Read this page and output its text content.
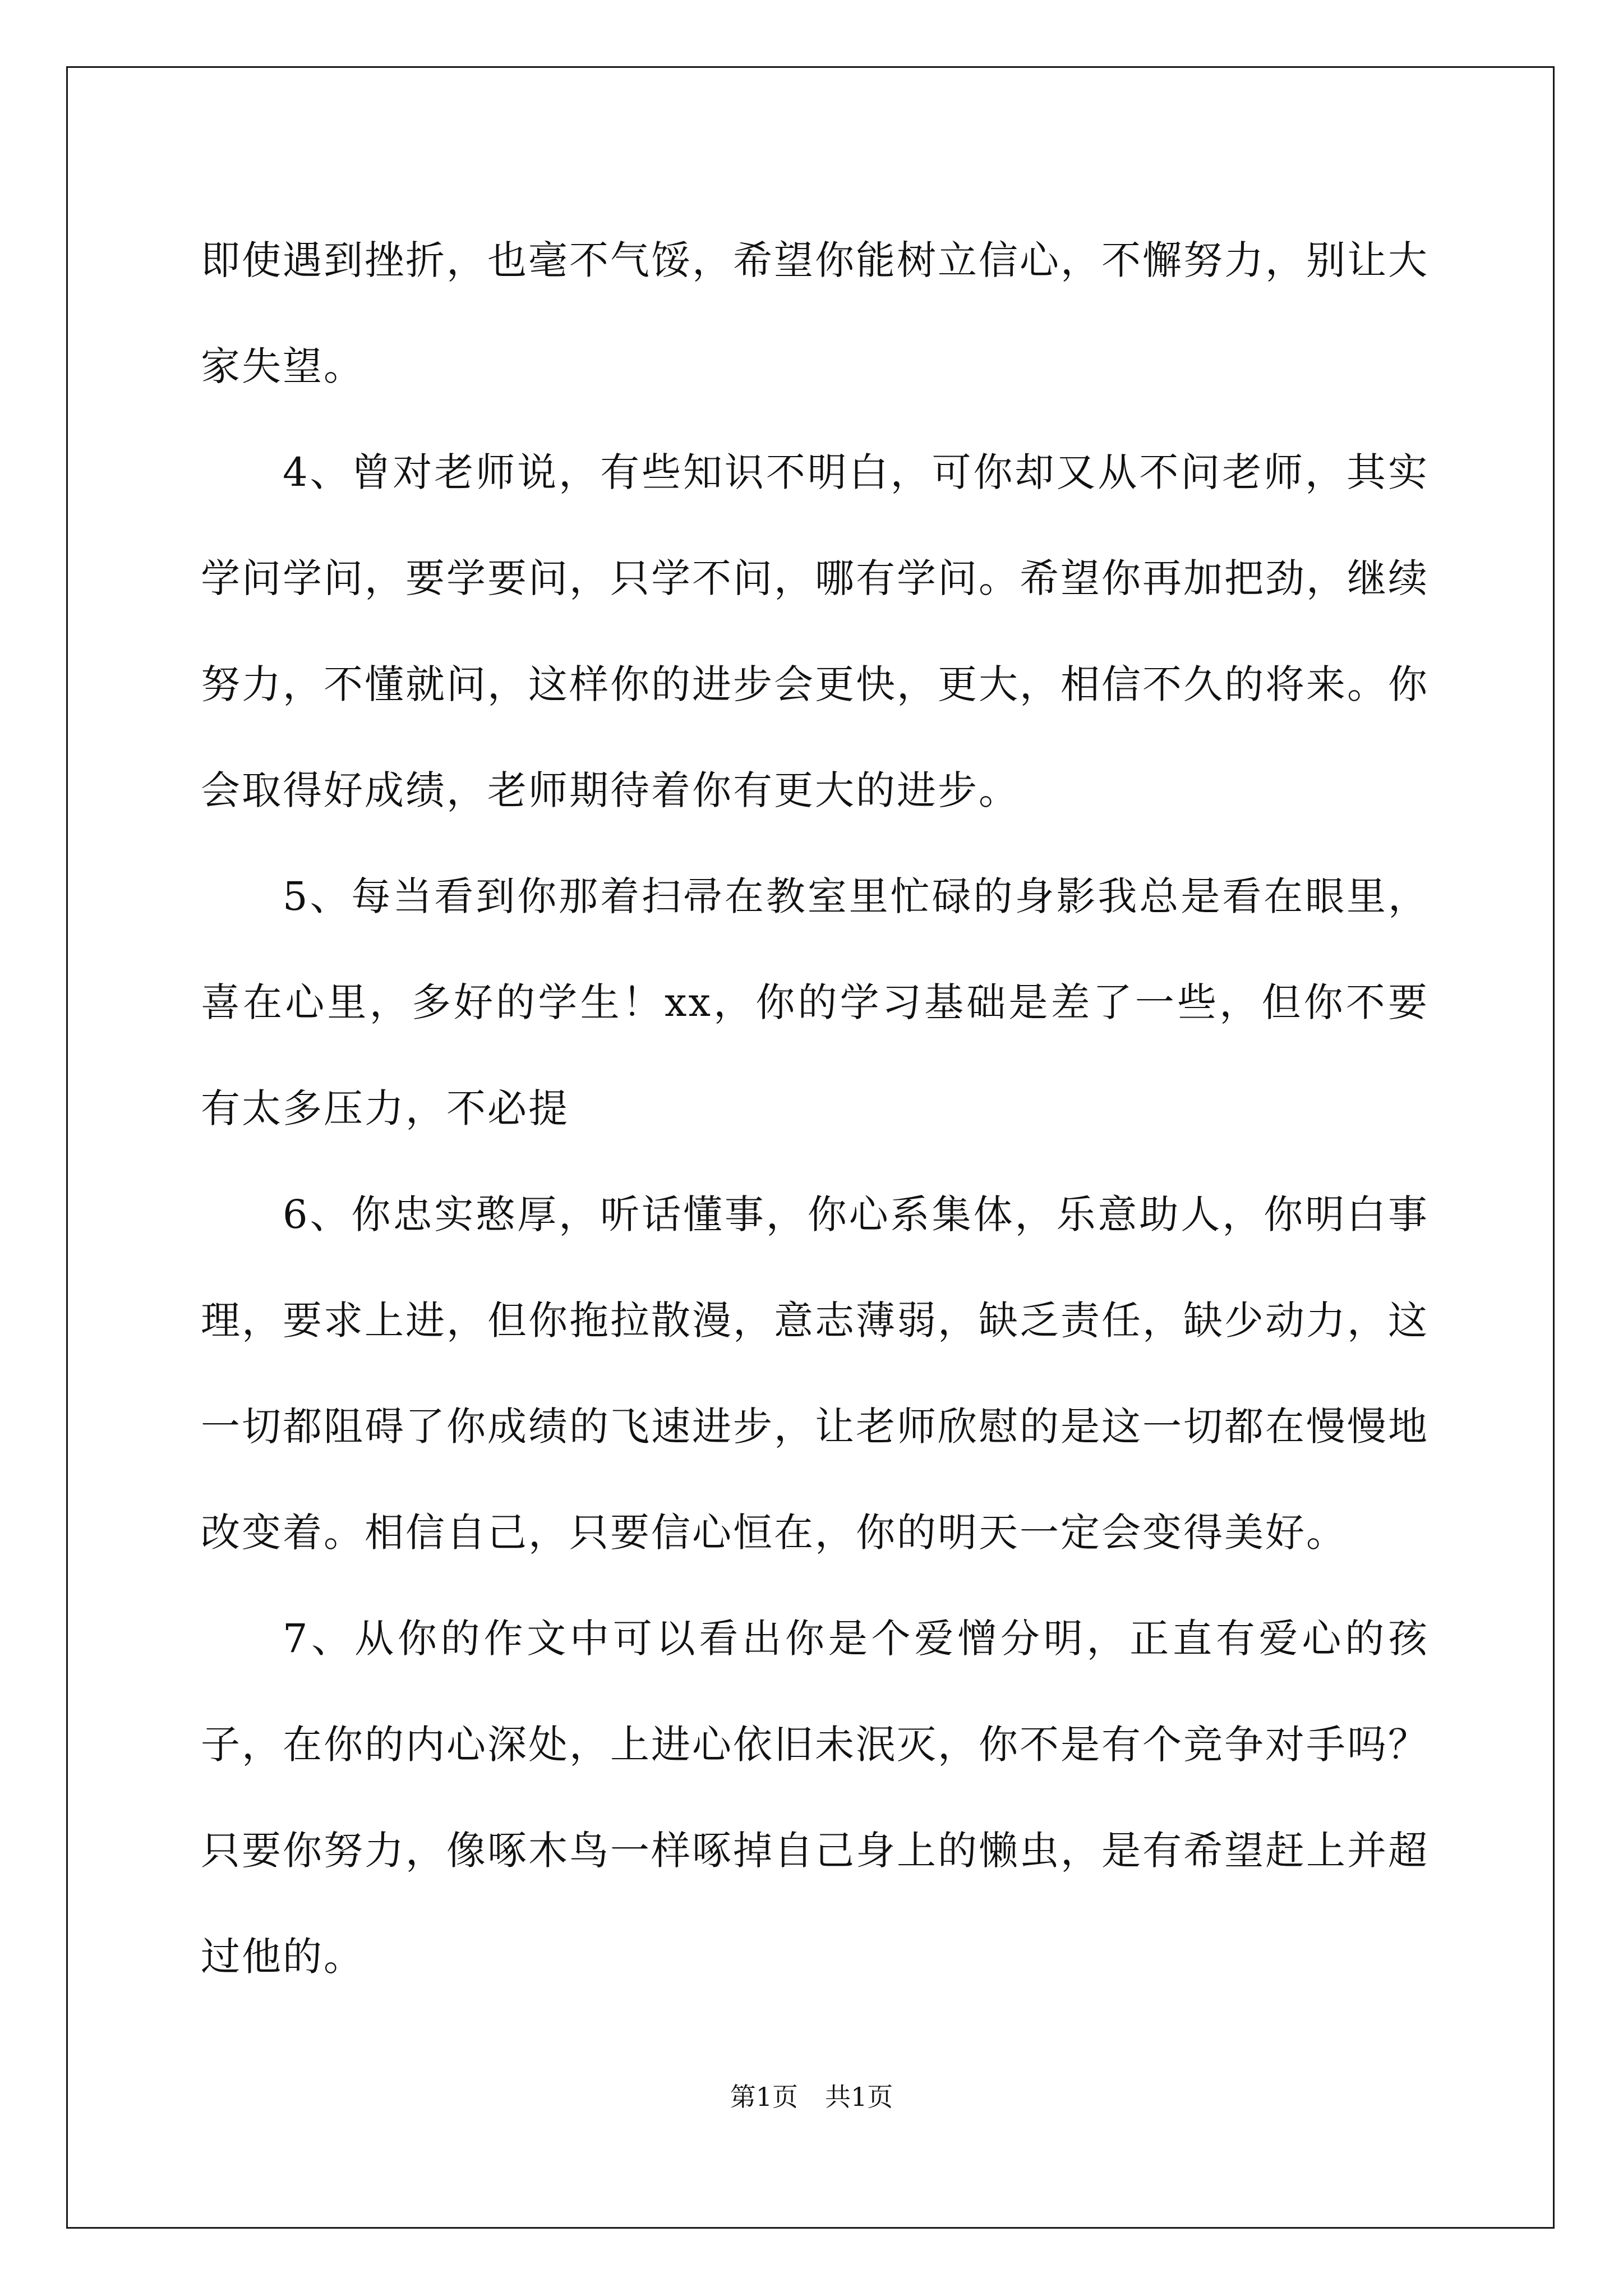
即使遇到挫折，也毫不气馁，希望你能树立信心，不懈努力，别让大家失望。

4、曾对老师说，有些知识不明白，可你却又从不问老师，其实学问学问，要学要问，只学不问，哪有学问。希望你再加把劲，继续努力，不懂就问，这样你的进步会更快，更大，相信不久的将来。你会取得好成绩，老师期待着你有更大的进步。

5、每当看到你那着扫帚在教室里忙碌的身影我总是看在眼里，喜在心里，多好的学生！xx，你的学习基础是差了一些，但你不要有太多压力，不必提

6、你忠实憨厚，听话懂事，你心系集体，乐意助人，你明白事理，要求上进，但你拖拉散漫，意志薄弱，缺乏责任，缺少动力，这一切都阻碍了你成绩的飞速进步，让老师欣慰的是这一切都在慢慢地改变着。相信自己，只要信心恒在，你的明天一定会变得美好。

7、从你的作文中可以看出你是个爱憎分明，正直有爱心的孩子，在你的内心深处，上进心依旧未泯灭，你不是有个竞争对手吗？只要你努力，像啄木鸟一样啄掉自己身上的懒虫，是有希望赶上并超过他的。

第1页 共1页
